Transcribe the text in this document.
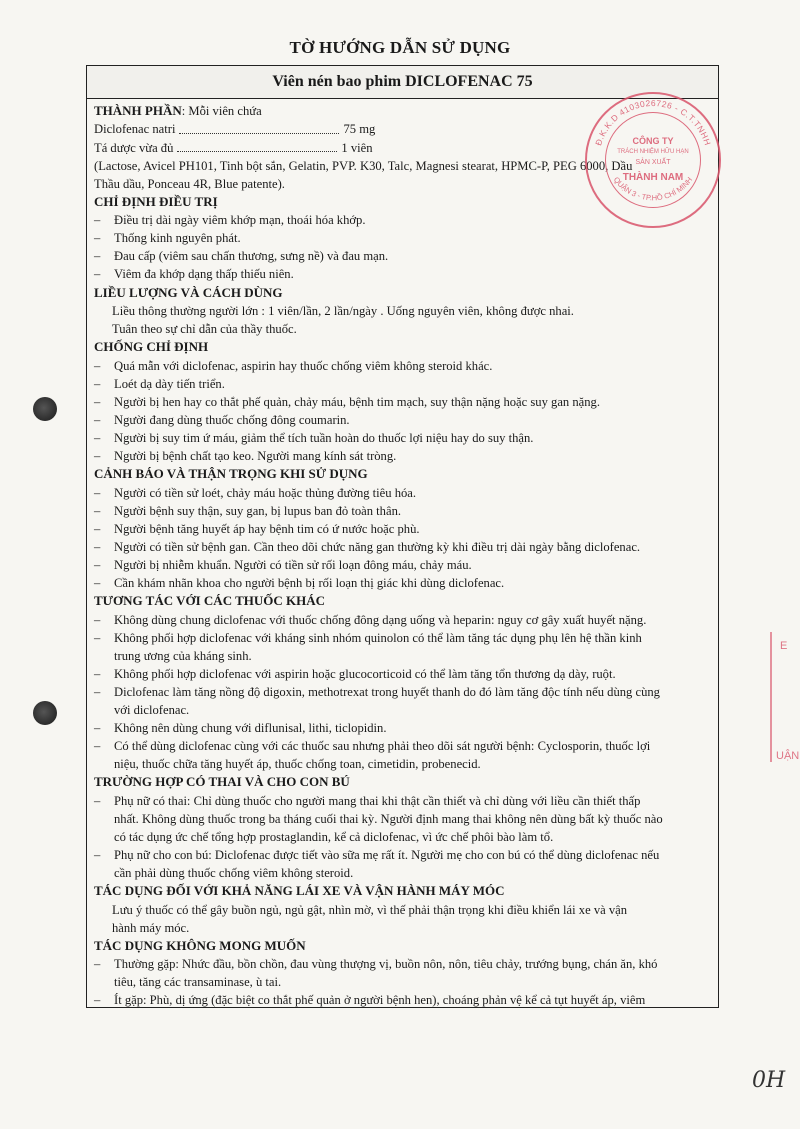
TỜ HƯỚNG DẪN SỬ DỤNG
Viên nén bao phim DICLOFENAC 75
THÀNH PHẦN: Mỗi viên chứa
Diclofenac natri	75 mg
Tá dược vừa đủ	1 viên
(Lactose, Avicel PH101, Tinh bột sắn, Gelatin, PVP. K30, Talc, Magnesi stearat, HPMC-P, PEG 6000, Dầu
Thầu dầu, Ponceau 4R, Blue patente).
CHỈ ĐỊNH ĐIỀU TRỊ
–	Điều trị dài ngày viêm khớp mạn, thoái hóa khớp.
–	Thống kinh nguyên phát.
–	Đau cấp (viêm sau chấn thương, sưng nề) và đau mạn.
–	Viêm đa khớp dạng thấp thiếu niên.
LIỀU LƯỢNG VÀ CÁCH DÙNG
Liều thông thường người lớn : 1 viên/lần, 2 lần/ngày . Uống nguyên viên, không được nhai.
Tuân theo sự chỉ dẫn của thầy thuốc.
CHỐNG CHỈ ĐỊNH
–	Quá mẫn với diclofenac, aspirin hay thuốc chống viêm không steroid khác.
–	Loét dạ dày tiến triển.
–	Người bị hen hay co thắt phế quản, chảy máu, bệnh tim mạch, suy thận nặng hoặc suy gan nặng.
–	Người đang dùng thuốc chống đông coumarin.
–	Người bị suy tim ứ máu, giảm thể tích tuần hoàn do thuốc lợi niệu hay do suy thận.
–	Người bị bệnh chất tạo keo. Người mang kính sát tròng.
CẢNH BÁO VÀ THẬN TRỌNG KHI SỬ DỤNG
–	Người có tiền sử loét, chảy máu hoặc thủng đường tiêu hóa.
–	Người bệnh suy thận, suy gan, bị lupus ban đỏ toàn thân.
–	Người bệnh tăng huyết áp hay bệnh tim có ứ nước hoặc phù.
–	Người có tiền sử bệnh gan. Cần theo dõi chức năng gan thường kỳ khi điều trị dài ngày bằng diclofenac.
–	Người bị nhiễm khuẩn. Người có tiền sử rối loạn đông máu, chảy máu.
–	Cần khám nhãn khoa cho người bệnh bị rối loạn thị giác khi dùng diclofenac.
TƯƠNG TÁC VỚI CÁC THUỐC KHÁC
–	Không dùng chung diclofenac với thuốc chống đông dạng uống và heparin: nguy cơ gây xuất huyết nặng.
–	Không phối hợp diclofenac với kháng sinh nhóm quinolon có thể làm tăng tác dụng phụ lên hệ thần kinh
trung ương của kháng sinh.
–	Không phối hợp diclofenac với aspirin hoặc glucocorticoid có thể làm tăng tổn thương dạ dày, ruột.
–	Diclofenac làm tăng nồng độ digoxin, methotrexat trong huyết thanh do đó làm tăng độc tính nếu dùng cùng
với diclofenac.
–	Không nên dùng chung với diflunisal, lithi, ticlopidin.
–	Có thể dùng diclofenac cùng với các thuốc sau nhưng phải theo dõi sát người bệnh: Cyclosporin, thuốc lợi
niệu, thuốc chữa tăng huyết áp, thuốc chống toan, cimetidin, probenecid.
TRƯỜNG HỢP CÓ THAI VÀ CHO CON BÚ
–	Phụ nữ có thai: Chỉ dùng thuốc cho người mang thai khi thật cần thiết và chỉ dùng với liều cần thiết thấp
nhất. Không dùng thuốc trong ba tháng cuối thai kỳ. Người định mang thai không nên dùng bất kỳ thuốc nào
có tác dụng ức chế tổng hợp prostaglandin, kể cả diclofenac, vì ức chế phôi bào làm tổ.
–	Phụ nữ cho con bú: Diclofenac được tiết vào sữa mẹ rất ít. Người mẹ cho con bú có thể dùng diclofenac nếu
cần phải dùng thuốc chống viêm không steroid.
TÁC DỤNG ĐỐI VỚI KHẢ NĂNG LÁI XE VÀ VẬN HÀNH MÁY MÓC
Lưu ý thuốc có thể gây buồn ngủ, ngủ gật, nhìn mờ, vì thế phải thận trọng khi điều khiển lái xe và vận
hành máy móc.
TÁC DỤNG KHÔNG MONG MUỐN
–	Thường gặp: Nhức đầu, bồn chồn, đau vùng thượng vị, buồn nôn, nôn, tiêu chảy, trướng bụng, chán ăn, khó
tiêu, tăng các transaminase, ù tai.
–	Ít gặp: Phù, dị ứng (đặc biệt co thắt phế quản ở người bệnh hen), choáng phản vệ kể cả tụt huyết áp, viêm
Đ.K.K.D 4103026726 - C.T.TNHH
QUẬN 3 - TP.HỒ CHÍ MINH
CÔNG TY
TRÁCH NHIỆM HỮU HẠN
SẢN XUẤT
THÀNH NAM
E
UẬN
0H
